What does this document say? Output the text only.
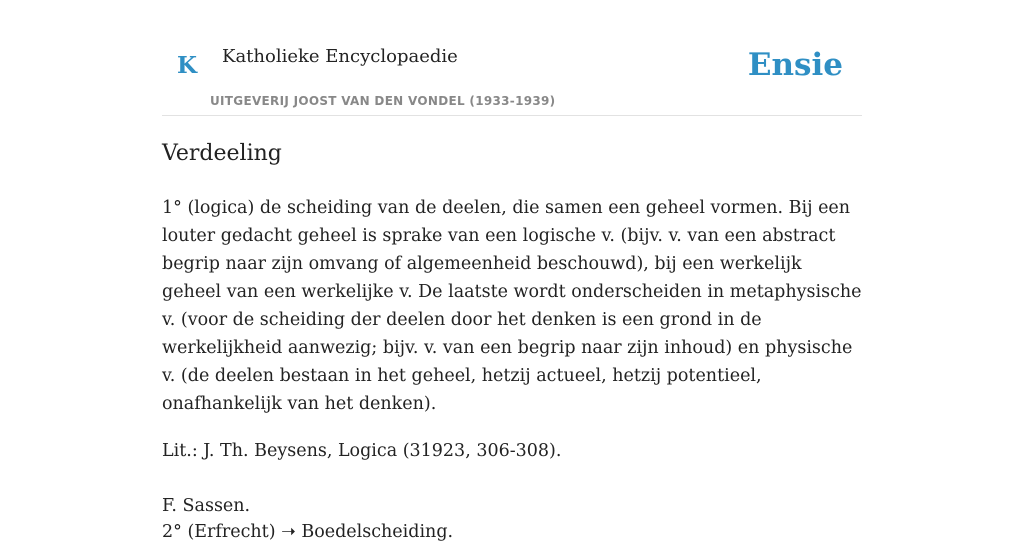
K Katholieke Encyclopaedie
UITGEVERIJ JOOST VAN DEN VONDEL (1933-1939)
Ensie
Verdeeling

1° (logica) de scheiding van de deelen, die samen een geheel vormen. Bij een louter gedacht geheel is sprake van een logische v. (bijv. v. van een abstract begrip naar zijn omvang of algemeenheid beschouwd), bij een werkelijk geheel van een werkelijke v. De laatste wordt onderscheiden in metaphysische v. (voor de scheiding der deelen door het denken is een grond in de werkelijkheid aanwezig; bijv. v. van een begrip naar zijn inhoud) en physische v. (de deelen bestaan in het geheel, hetzij actueel, hetzij potentieel, onafhankelijk van het denken).

Lit.: J. Th. Beysens, Logica (31923, 306-308).

F. Sassen.

2° (Erfrecht) ➝ Boedelscheiding.
